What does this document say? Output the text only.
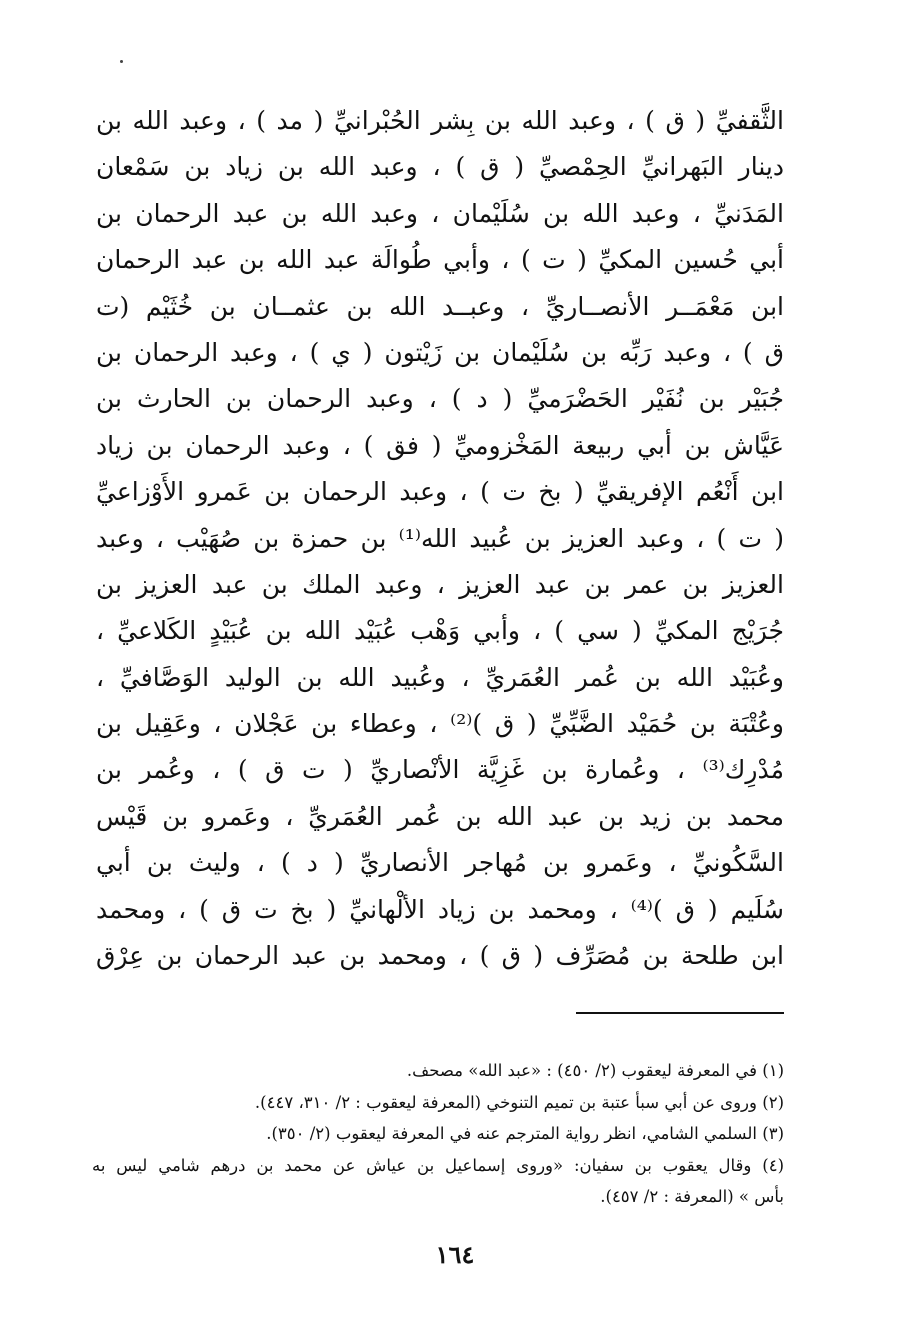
الثَّقفيِّ ( ق ) ، وعبد الله بن بِشر الحُبْرانيِّ ( مد ) ، وعبد الله بن
دينار البَهرانيِّ الحِمْصيِّ ( ق ) ، وعبد الله بن زياد بن سَمْعان
المَدَنيِّ ، وعبد الله بن سُلَيْمان ، وعبد الله بن عبد الرحمان بن
أبي حُسين المكيِّ ( ت ) ، وأبي طُوالَة عبد الله بن عبد الرحمان
ابن مَعْمَــر الأنصــاريِّ ، وعبــد الله بن عثمــان بن خُثَيْم (ت
ق ) ، وعبد رَبِّه بن سُلَيْمان بن زَيْتون ( ي ) ، وعبد الرحمان بن
جُبَيْر بن نُفَيْر الحَضْرَميِّ ( د ) ، وعبد الرحمان بن الحارث بن
عَيَّاش بن أبي ربيعة المَخْزوميِّ ( فق ) ، وعبد الرحمان بن زياد
ابن أَنْعُم الإفريقيِّ ( بخ ت ) ، وعبد الرحمان بن عَمرو الأَوْزاعيِّ
( ت ) ، وعبد العزيز بن عُبيد الله⁽¹⁾ بن حمزة بن صُهَيْب ، وعبد
العزيز بن عمر بن عبد العزيز ، وعبد الملك بن عبد العزيز بن
جُرَيْج المكيِّ ( سي ) ، وأبي وَهْب عُبَيْد الله بن عُبَيْدٍ الكَلاعيِّ ،
وعُبَيْد الله بن عُمر العُمَريِّ ، وعُبيد الله بن الوليد الوَصَّافيِّ ،
وعُتْبَة بن حُمَيْد الضَّبِّيِّ ( ق )⁽²⁾ ، وعطاء بن عَجْلان ، وعَقِيل بن
مُدْرِك⁽³⁾ ، وعُمارة بن غَزِيَّة الأنْصاريِّ ( ت ق ) ، وعُمر بن
محمد بن زيد بن عبد الله بن عُمر العُمَريِّ ، وعَمرو بن قَيْس
السَّكُونيِّ ، وعَمرو بن مُهاجر الأنصاريِّ ( د ) ، وليث بن أبي
سُلَيم ( ق )⁽⁴⁾ ، ومحمد بن زياد الألْهانيِّ ( بخ ت ق ) ، ومحمد
ابن طلحة بن مُصَرِّف ( ق ) ، ومحمد بن عبد الرحمان بن عِرْق
(١) في المعرفة ليعقوب (٢/ ٤٥٠) : «عبد الله» مصحف.
(٢) وروى عن أبي سبأ عتبة بن تميم التنوخي (المعرفة ليعقوب : ٢/ ٣١٠، ٤٤٧).
(٣) السلمي الشامي، انظر رواية المترجم عنه في المعرفة ليعقوب (٢/ ٣٥٠).
(٤) وقال يعقوب بن سفيان: «وروى إسماعيل بن عياش عن محمد بن درهم شامي ليس به
بأس » (المعرفة : ٢/ ٤٥٧).
١٦٤
